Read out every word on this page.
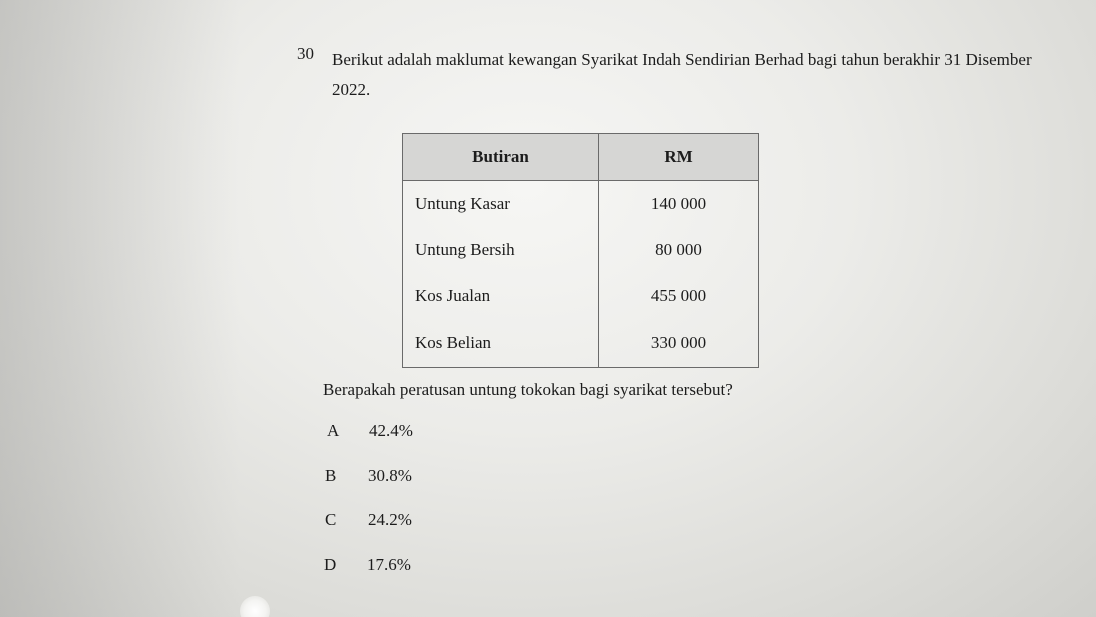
30 Berikut adalah maklumat kewangan Syarikat Indah Sendirian Berhad bagi tahun berakhir 31 Disember 2022.
Butiran	RM
Untung Kasar	140 000
Untung Bersih	80 000
Kos Jualan	455 000
Kos Belian	330 000
Berapakah peratusan untung tokokan bagi syarikat tersebut?
A 42.4%
B 30.8%
C 24.2%
D 17.6%
